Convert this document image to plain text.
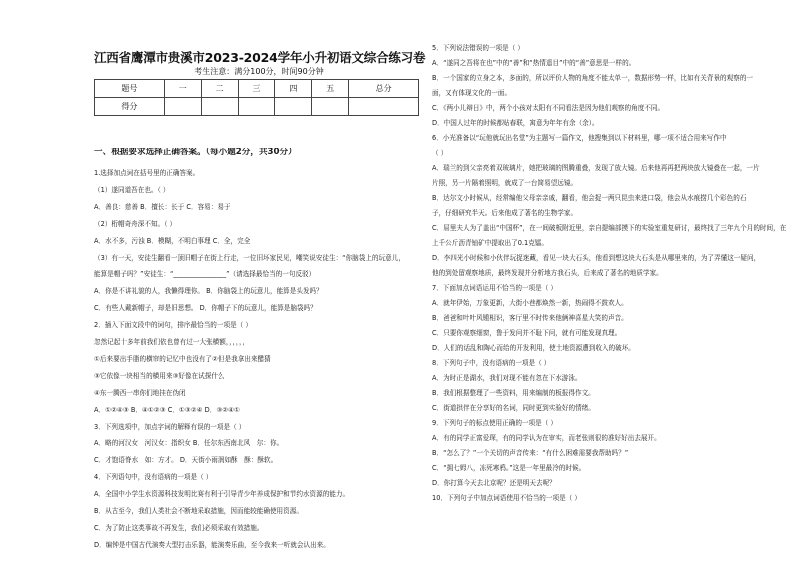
江西省鹰潭市贵溪市2023-2024学年小升初语文综合练习卷
考生注意：满分100分，时间90分钟
题号	一	二	三	四	五	总分
得分						
一、根据要求选择正确答案。（每小题2分，共30分）
1.选择加点词在括号里的正确答案。
（1）遂同道吾在也。（ ）
A．善良：慈善 B．擅长：长于 C．容易：易于
（2）桁帽奇舟深不知。（ ）
A．水不多，污浊 B．模糊，不明白事理 C．全，完全
（3）有一天，安徒生翻看一顶旧帽子在街上行走，一位旧坏家民见，嘲笑说安徒生：“你脑袋上的玩意儿，
能算是帽子吗？”安徒生：“________________”（请选择最恰当的一句反驳）
A．你是不讲礼貌的人，我懒得理你。 B．你脑袋上的玩意儿，能算是头发吗？
C．有些人戴新帽子，却是旧思想。 D．你帽子下的玩意儿，能算是脑袋吗？
2．插入下面文段中的词句，排序最恰当的一项是（ ）
忽然记起十多年前我们依也曾有过一大张横额，，，，，，
①后来要出手脂的横帘的记忆中也没有了②但是我拿出来醋猜
③它依像一块相当的横用来③好像在试探什么
④东一腾西一串你们地挂在伪闭
A．①②④③ B．④①②③ C．①③②④ D．③②④①
3．下列选项中，加点字词的解释有误的一项是（ ）
A．略的河汉女　河汉女：指织女 B．任尔东西南北风　尔：你。
C．才饱语脊水　如：方才。 D．天街小雨润如酥　酥：酥软。
4．下列语句中，没有语病的一项是（ ）
A．全国中小学生水资源科技发明比赛有利于引导青少年养成保护和节约水资源的能力。
B．从古至今，我们人类社会不断地采取措施，因而能较能确使用资源。
C．为了防止这类事故不再发生，我们必须采取有效措施。
D．编钟是中国古代演奏大型打击乐器，能演奏乐曲，至今我来一听就会认出来。
5．下列说法错误的一项是（ ）
A．“遂同之吾将在也”中的“善”和“热情遥目”中的“善”意思是一样的。
B．一个国家的立身之本，多面的，所以评价人物的角度不能太单一，数据形势一样，比如有关背景的观察的一
面，又有体现文化的一面。
C．《两小儿辩日》中，两个小孩对太阳有不同看法是因为他们观察的角度不同。
D．中国人过年的时候都贴春联，寓意为年年有余（余）。
6．小光准备以“玩他就玩出名堂”为主题写一篇作文，他搜集到以下材料里，哪一项不适合用来写作中
（ ）
A．瑞兰的到父亲亮着双玻璃片，她把玻璃的图腾重叠，发现了放大镜。后来他再再把两块放大镜叠在一起，一片
片照，另一片隔着照明，就成了一台简易望远镜。
B．达尔文小时候从，经常编他父母亲亲戚，翻看，他会捉一两只昆虫来进口袋，他会从水痕捞几个彩色的石
子，仔细研究半天。后来他成了著名的生物学家。
C．屈里夫人为了盖出“中国杯”，在一间破板附近里，亲自提编部摸下的实验室重复研讨，最终找了三年九个月的时间，在
上千公斤沥青铀矿中提取出了0.1克镭。
D．李四光小时候和小伙伴玩捉迷藏，看见一块大石头，他看到想这块大石头是从哪里来的，为了弄懂这一疑问，
他的到处留观察地质，最终发现并分析地方我石头，后来成了著名的地质学家。
7．下面加点词语运用不恰当的一项是（ ）
A．就年伊始，万象更新，大街小巷都焕然一新，热闹得不鼓欢人。
B．爸爸和叶叶风锺相识，客厅里不时传来他俩神喜星大笑的声音。
C．只要你观察细窗，鲁于发问并不耻下问，就有可能发现真理。
D．人们的话乱和陶心而给的开发利用，使土地资源遭到收入的破坏。
8．下列句子中，没有语病的一项是（ ）
A．为时正是湖水，我们对现不能有忽在下水游泳。
B．我们根据整理了一些资料，用来编制的板报得作文。
C．街道拱伴在分享好的名词，同时更到实验好的情绪。
9．下列句子的标点使用正确的一项是（ ）
A．有的同学正富爱琛，有的同学认为在审实，而老张则很的准好好出去展开。
B．“怎么了？”一个关切的声音传来：“有什么困难需要我帮助吗？”
C．“拥七姆八，冻死寒鸦。”这是一年里最冷的时候。
D．你打算今天去北京呢？还是明天去呢？
10．下列句子中加点词语使用不恰当的一项是（ ）
